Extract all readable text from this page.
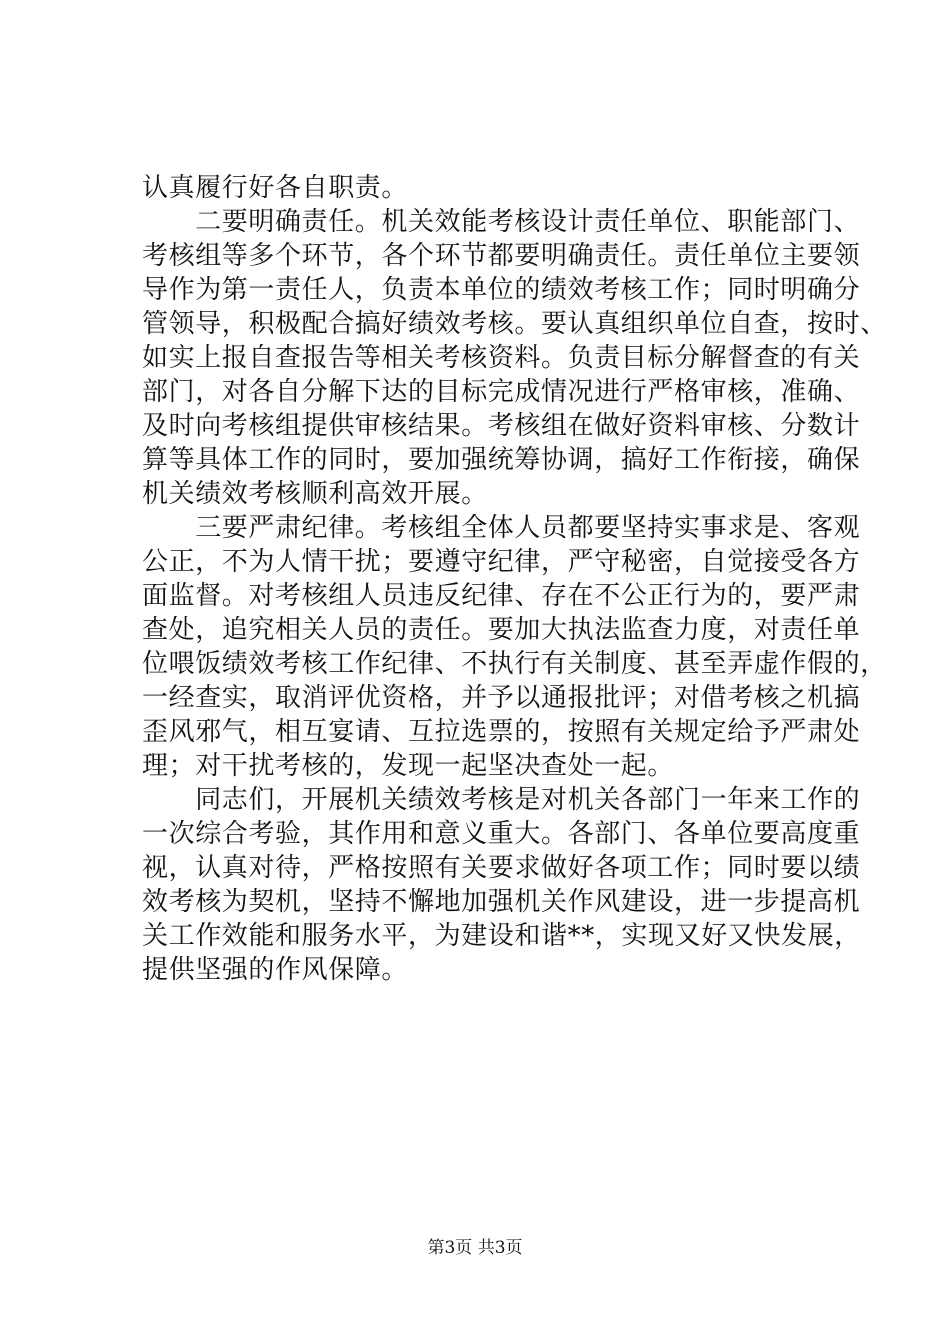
认真履行好各自职责。
　　二要明确责任。机关效能考核设计责任单位、职能部门、
考核组等多个环节，各个环节都要明确责任。责任单位主要领
导作为第一责任人，负责本单位的绩效考核工作；同时明确分
管领导，积极配合搞好绩效考核。要认真组织单位自查，按时、
如实上报自查报告等相关考核资料。负责目标分解督查的有关
部门，对各自分解下达的目标完成情况进行严格审核，准确、
及时向考核组提供审核结果。考核组在做好资料审核、分数计
算等具体工作的同时，要加强统筹协调，搞好工作衔接，确保
机关绩效考核顺利高效开展。
　　三要严肃纪律。考核组全体人员都要坚持实事求是、客观
公正，不为人情干扰；要遵守纪律，严守秘密，自觉接受各方
面监督。对考核组人员违反纪律、存在不公正行为的，要严肃
查处，追究相关人员的责任。要加大执法监查力度，对责任单
位喂饭绩效考核工作纪律、不执行有关制度、甚至弄虚作假的，
一经查实，取消评优资格，并予以通报批评；对借考核之机搞
歪风邪气，相互宴请、互拉选票的，按照有关规定给予严肃处
理；对干扰考核的，发现一起坚决查处一起。
　　同志们，开展机关绩效考核是对机关各部门一年来工作的
一次综合考验，其作用和意义重大。各部门、各单位要高度重
视，认真对待，严格按照有关要求做好各项工作；同时要以绩
效考核为契机，坚持不懈地加强机关作风建设，进一步提高机
关工作效能和服务水平，为建设和谐**，实现又好又快发展，
提供坚强的作风保障。
第3页 共3页
